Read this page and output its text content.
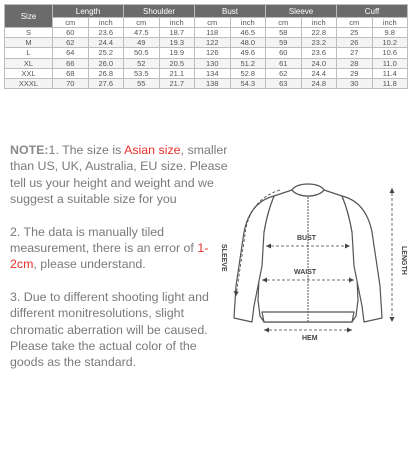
Size	Length		Shoulder		Bust		Sleeve		Cuff	
	cm	inch	cm	inch	cm	inch	cm	inch	cm	inch
S	60	23.6	47.5	18.7	118	46.5	58	22.8	25	9.8
M	62	24.4	49	19.3	122	48.0	59	23.2	26	10.2
L	64	25.2	50.5	19.9	126	49.6	60	23.6	27	10.6
XL	66	26.0	52	20.5	130	51.2	61	24.0	28	11.0
XXL	68	26.8	53.5	21.1	134	52.8	62	24.4	29	11.4
XXXL	70	27.6	55	21.7	138	54.3	63	24.8	30	11.8

NOTE:1. The size is Asian size, smaller than US, UK, Australia, EU size. Please tell us your height and weight and we suggest a suitable size for you

2. The data is manually tiled measurement, there is an error of 1-2cm, please understand.

3. Due to different shooting light and different monitresolutions, slight chromatic aberration will be caused. Please take the actual color of the goods as the standard.

BUST
WAIST
HEM
SLEEVE	LENGTH
